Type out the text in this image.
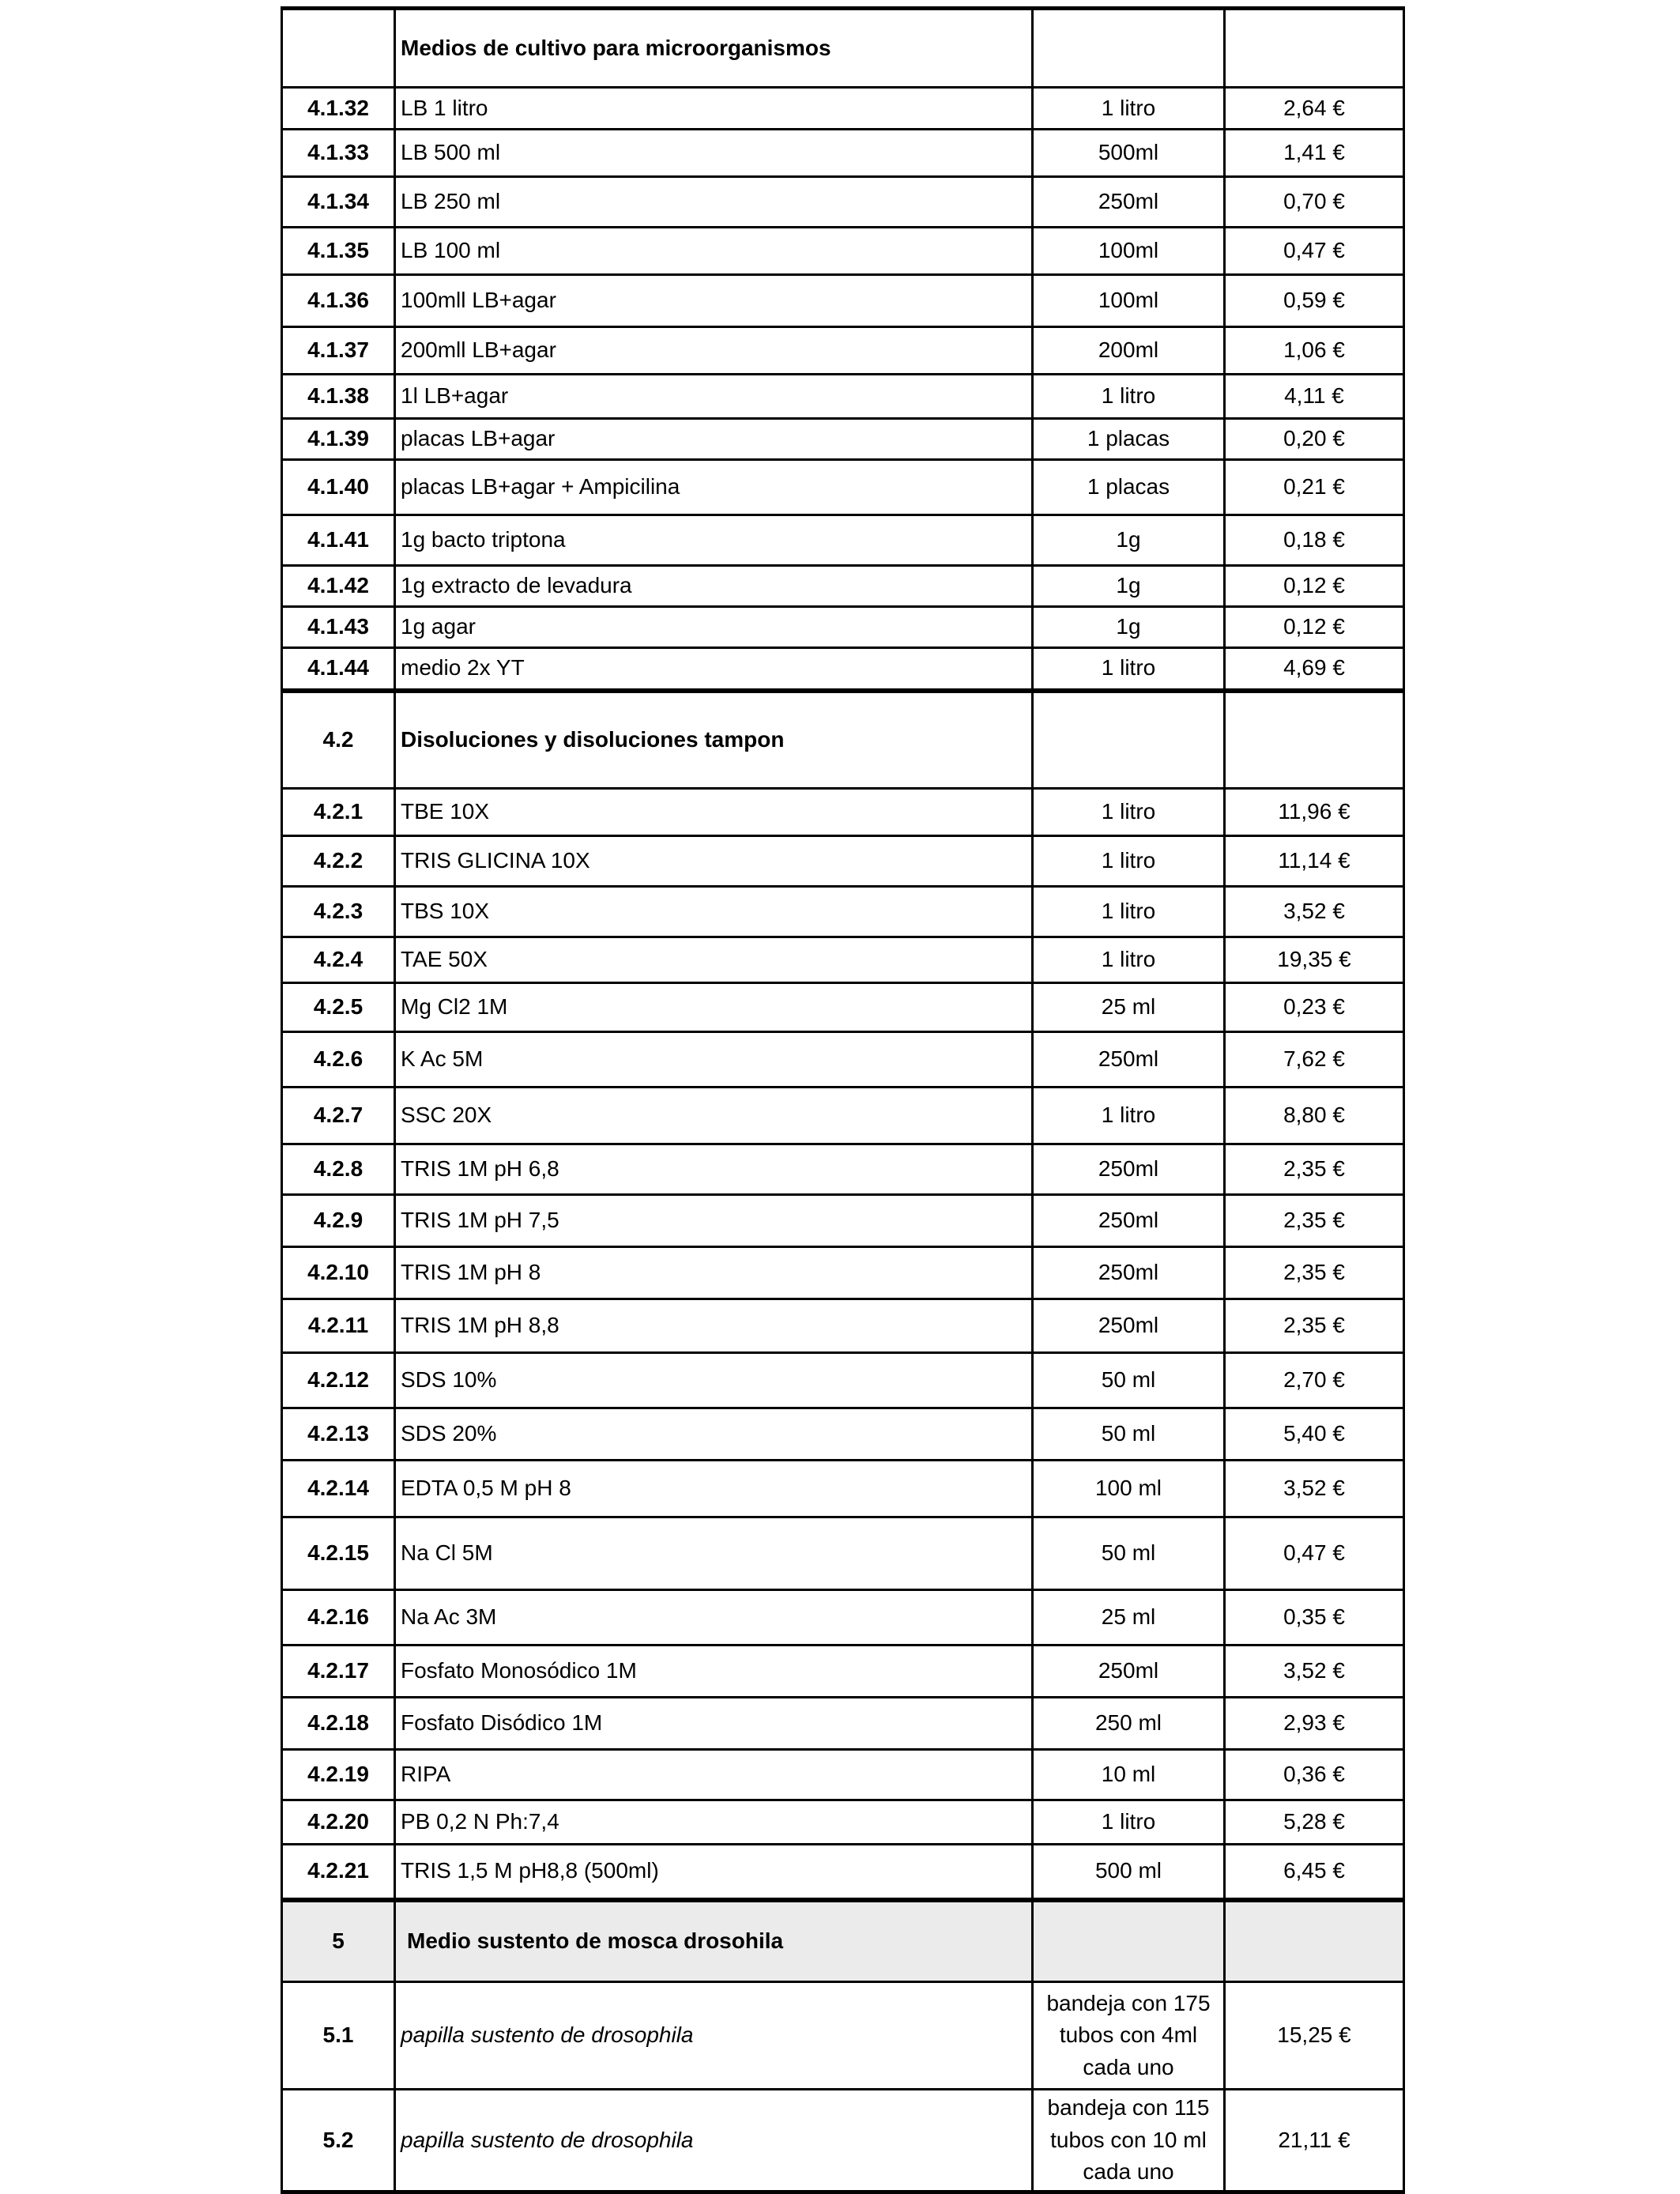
	Medios de cultivo para microorganismos		
4.1.32	LB 1 litro	1 litro	2,64 €
4.1.33	LB 500 ml	500ml	1,41 €
4.1.34	LB 250 ml	250ml	0,70 €
4.1.35	LB 100 ml	100ml	0,47 €
4.1.36	100mll LB+agar	100ml	0,59 €
4.1.37	200mll LB+agar	200ml	1,06 €
4.1.38	1l LB+agar	1 litro	4,11 €
4.1.39	placas LB+agar	1 placas	0,20 €
4.1.40	placas LB+agar + Ampicilina	1 placas	0,21 €
4.1.41	1g bacto triptona	1g	0,18 €
4.1.42	1g extracto de levadura	1g	0,12 €
4.1.43	1g agar	1g	0,12 €
4.1.44	medio 2x YT	1 litro	4,69 €
4.2	Disoluciones y disoluciones tampon		
4.2.1	TBE 10X	1 litro	11,96 €
4.2.2	TRIS GLICINA 10X	1 litro	11,14 €
4.2.3	TBS 10X	1 litro	3,52 €
4.2.4	TAE 50X	1 litro	19,35 €
4.2.5	Mg Cl2 1M	25 ml	0,23 €
4.2.6	K Ac 5M	250ml	7,62 €
4.2.7	SSC 20X	1 litro	8,80 €
4.2.8	TRIS 1M pH 6,8	250ml	2,35 €
4.2.9	TRIS 1M pH 7,5	250ml	2,35 €
4.2.10	TRIS 1M pH 8	250ml	2,35 €
4.2.11	TRIS 1M pH 8,8	250ml	2,35 €
4.2.12	SDS 10%	50 ml	2,70 €
4.2.13	SDS 20%	50 ml	5,40 €
4.2.14	EDTA 0,5 M pH 8	100 ml	3,52 €
4.2.15	Na Cl 5M	50 ml	0,47 €
4.2.16	Na Ac 3M	25 ml	0,35 €
4.2.17	Fosfato Monosódico 1M	250ml	3,52 €
4.2.18	Fosfato Disódico 1M	250 ml	2,93 €
4.2.19	RIPA	10 ml	0,36 €
4.2.20	PB 0,2 N Ph:7,4	1 litro	5,28 €
4.2.21	TRIS 1,5 M pH8,8 (500ml)	500 ml	6,45 €
5	Medio sustento de mosca drosohila		
5.1	papilla sustento de drosophila	bandeja con 175 tubos con 4ml cada uno	15,25 €
5.2	papilla sustento de drosophila	bandeja con 115 tubos con 10 ml cada uno	21,11 €
